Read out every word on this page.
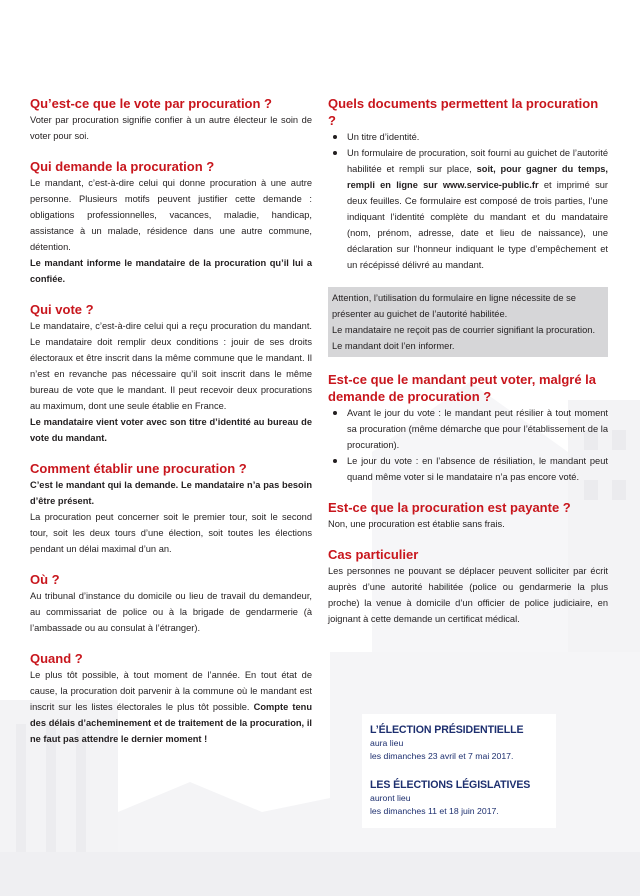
Qu’est-ce que le vote par procuration ?

Voter par procuration signifie confier à un autre électeur le soin de voter pour soi.

Qui demande la procuration ?

Le mandant, c’est-à-dire celui qui donne procuration à une autre personne. Plusieurs motifs peuvent justifier cette demande : obligations professionnelles, vacances, maladie, handicap, assistance à un malade, résidence dans une autre commune, détention.

Le mandant informe le mandataire de la procuration qu’il lui a confiée.

Qui vote ?

Le mandataire, c’est-à-dire celui qui a reçu procuration du mandant. Le mandataire doit remplir deux conditions : jouir de ses droits électoraux et être inscrit dans la même commune que le mandant. Il n’est en revanche pas nécessaire qu’il soit inscrit dans le même bureau de vote que le mandant. Il peut recevoir deux procurations au maximum, dont une seule établie en France.

Le mandataire vient voter avec son titre d’identité au bureau de vote du mandant.

Comment établir une procuration ?

C’est le mandant qui la demande. Le mandataire n’a pas besoin d’être présent.

La procuration peut concerner soit le premier tour, soit le second tour, soit les deux tours d’une élection, soit toutes les élections pendant un délai maximal d’un an.

Où ?

Au tribunal d’instance du domicile ou lieu de travail du demandeur, au commissariat de police ou à la brigade de gendarmerie (à l’ambassade ou au consulat à l’étranger).

Quand ?

Le plus tôt possible, à tout moment de l’année. En tout état de cause, la procuration doit parvenir à la commune où le mandant est inscrit sur les listes électorales le plus tôt possible. Compte tenu des délais d’acheminement et de traitement de la procuration, il ne faut pas attendre le dernier moment !

Quels documents permettent la procuration ?
Un titre d’identité.
Un formulaire de procuration, soit fourni au guichet de l’autorité habilitée et rempli sur place, soit, pour gagner du temps, rempli en ligne sur www.service-public.fr et imprimé sur deux feuilles. Ce formulaire est composé de trois parties, l’une indiquant l’identité complète du mandant et du mandataire (nom, prénom, adresse, date et lieu de naissance), une déclaration sur l’honneur indiquant le type d’empêchement et un récépissé délivré au mandant.

Attention, l’utilisation du formulaire en ligne nécessite de se présenter au guichet de l’autorité habilitée.

Le mandataire ne reçoit pas de courrier signifiant la procuration.

Le mandant doit l’en informer.

Est-ce que le mandant peut voter, malgré la demande de procuration ?
Avant le jour du vote : le mandant peut résilier à tout moment sa procuration (même démarche que pour l’établissement de la procuration).
Le jour du vote : en l’absence de résiliation, le mandant peut quand même voter si le mandataire n’a pas encore voté.
Est-ce que la procuration est payante ?

Non, une procuration est établie sans frais.

Cas particulier

Les personnes ne pouvant se déplacer peuvent solliciter par écrit auprès d’une autorité habilitée (police ou gendarmerie la plus proche) la venue à domicile d’un officier de police judiciaire, en joignant à cette demande un certificat médical.

L’ÉLECTION PRÉSIDENTIELLE
aura lieu
les dimanches 23 avril et 7 mai 2017.
LES ÉLECTIONS LÉGISLATIVES
auront lieu
les dimanches 11 et 18 juin 2017.
